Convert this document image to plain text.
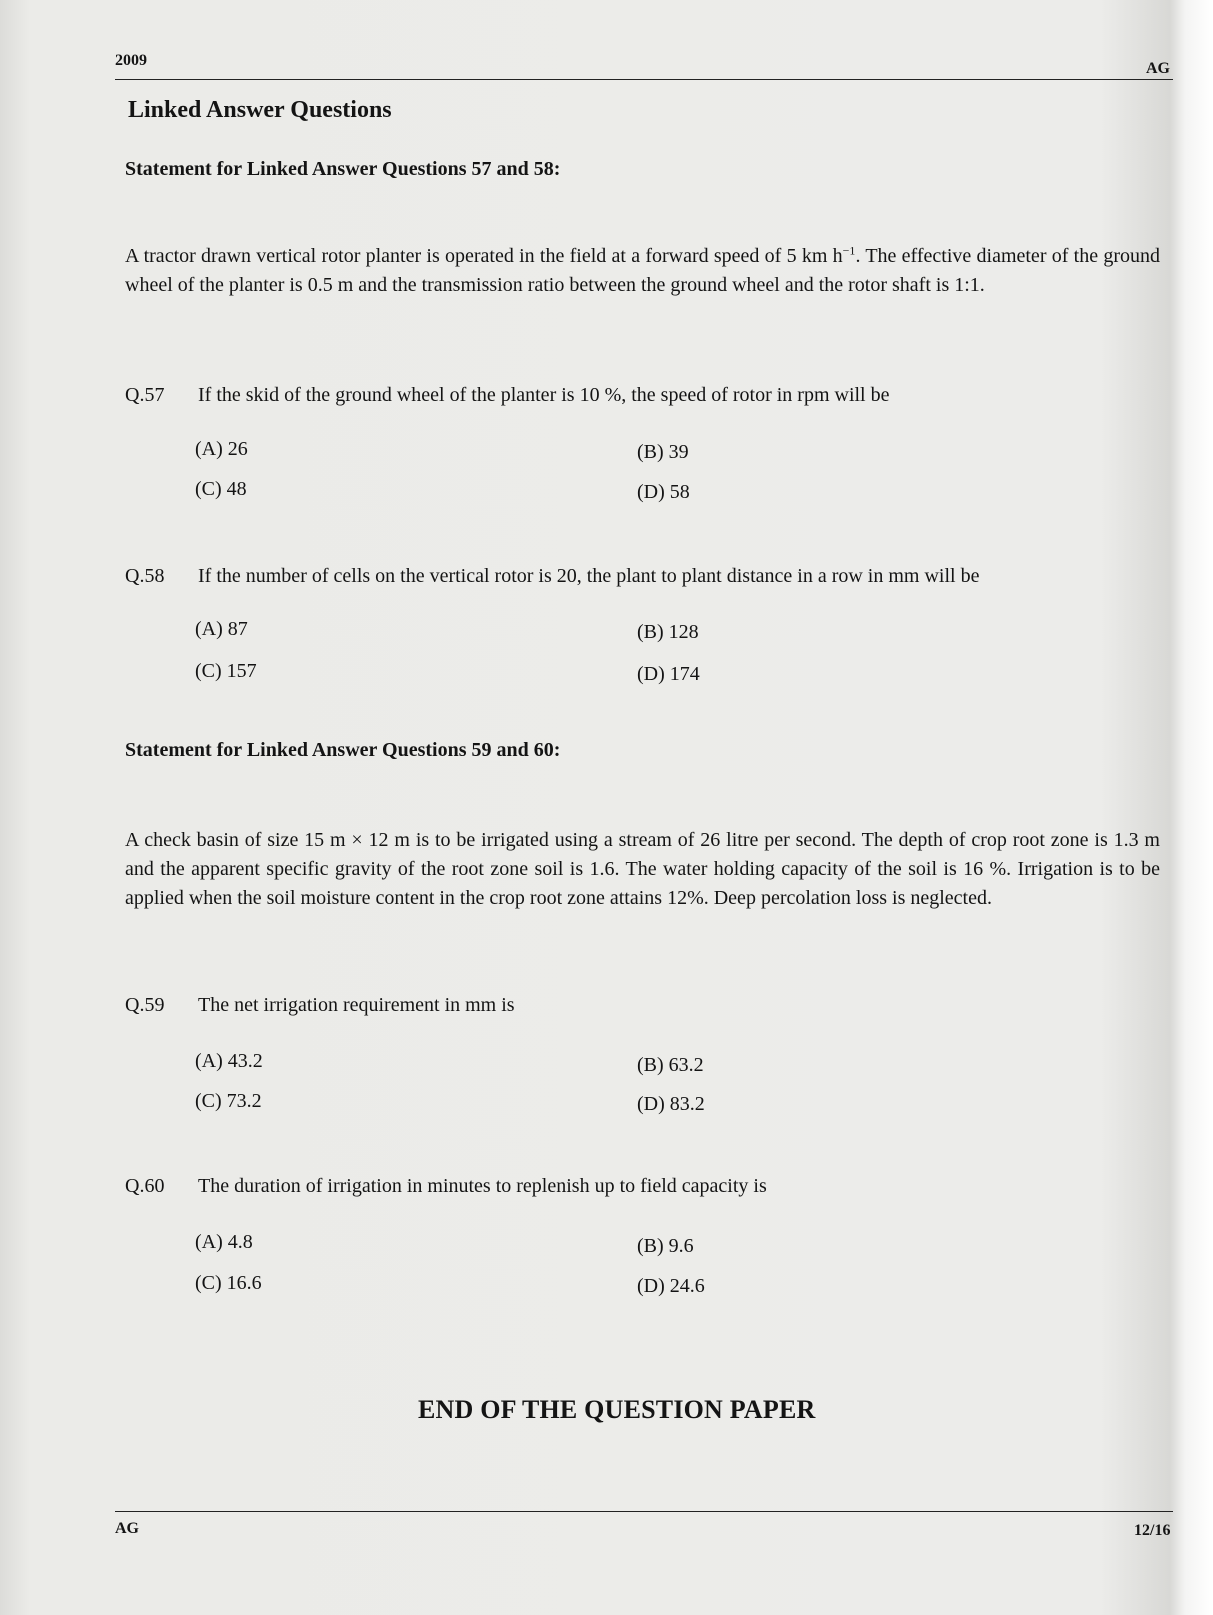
2009	AG
Linked Answer Questions
Statement for Linked Answer Questions 57 and 58:
A tractor drawn vertical rotor planter is operated in the field at a forward speed of 5 km $h^{-1}$. The effective diameter of the ground wheel of the planter is 0.5 m and the transmission ratio between the ground wheel and the rotor shaft is 1:1.
Q.57 If the skid of the ground wheel of the planter is 10 %, the speed of rotor in rpm will be
(A) 26	(B) 39
(C) 48	(D) 58
Q.58 If the number of cells on the vertical rotor is 20, the plant to plant distance in a row in mm will be
(A) 87	(B) 128
(C) 157	(D) 174
Statement for Linked Answer Questions 59 and 60:
A check basin of size 15 m × 12 m is to be irrigated using a stream of 26 litre per second. The depth of crop root zone is 1.3 m and the apparent specific gravity of the root zone soil is 1.6. The water holding capacity of the soil is 16 %. Irrigation is to be applied when the soil moisture content in the crop root zone attains 12%. Deep percolation loss is neglected.
Q.59 The net irrigation requirement in mm is
(A) 43.2	(B) 63.2
(C) 73.2	(D) 83.2
Q.60 The duration of irrigation in minutes to replenish up to field capacity is
(A) 4.8	(B) 9.6
(C) 16.6	(D) 24.6
END OF THE QUESTION PAPER
AG	12/16
